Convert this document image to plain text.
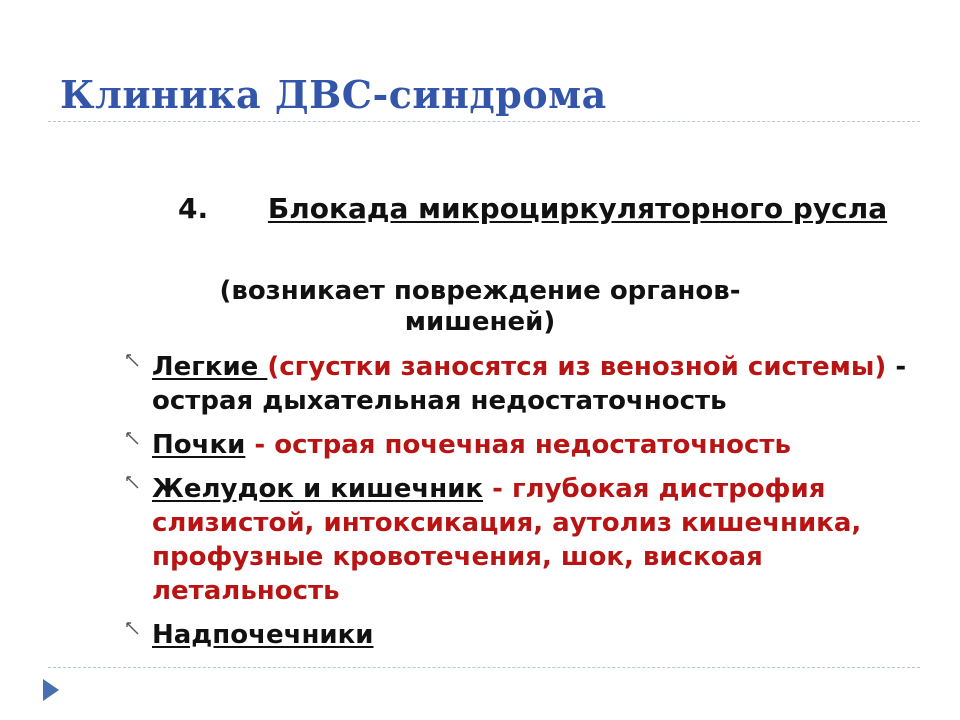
Клиника ДВС-синдрома
4. Блокада микроциркуляторного русла
(возникает повреждение органов-мишеней)
Легкие (сгустки заносятся из венозной системы) - острая дыхательная недостаточность
Почки - острая почечная недостаточность
Желудок и кишечник - глубокая дистрофия слизистой, интоксикация, аутолиз кишечника, профузные кровотечения, шок, вискоая летальность
Надпочечники
